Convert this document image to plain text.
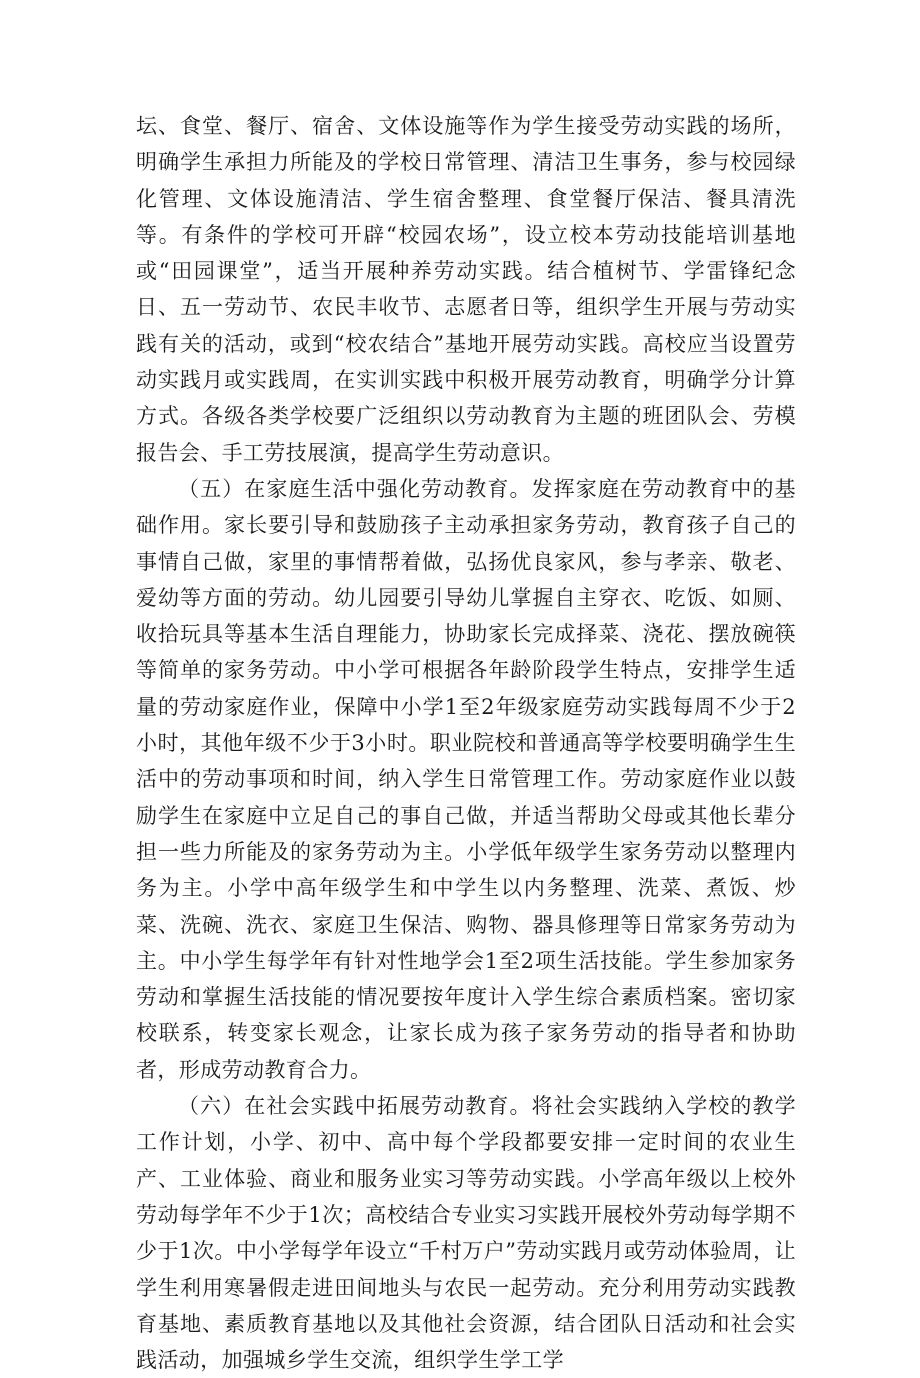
坛、食堂、餐厅、宿舍、文体设施等作为学生接受劳动实践的场所，明确学生承担力所能及的学校日常管理、清洁卫生事务，参与校园绿化管理、文体设施清洁、学生宿舍整理、食堂餐厅保洁、餐具清洗等。有条件的学校可开辟“校园农场”，设立校本劳动技能培训基地或“田园课堂”，适当开展种养劳动实践。结合植树节、学雷锋纪念日、五一劳动节、农民丰收节、志愿者日等，组织学生开展与劳动实践有关的活动，或到“校农结合”基地开展劳动实践。高校应当设置劳动实践月或实践周，在实训实践中积极开展劳动教育，明确学分计算方式。各级各类学校要广泛组织以劳动教育为主题的班团队会、劳模报告会、手工劳技展演，提高学生劳动意识。

（五）在家庭生活中强化劳动教育。发挥家庭在劳动教育中的基础作用。家长要引导和鼓励孩子主动承担家务劳动，教育孩子自己的事情自己做，家里的事情帮着做，弘扬优良家风，参与孝亲、敬老、爱幼等方面的劳动。幼儿园要引导幼儿掌握自主穿衣、吃饭、如厕、收拾玩具等基本生活自理能力，协助家长完成择菜、浇花、摆放碗筷等简单的家务劳动。中小学可根据各年龄阶段学生特点，安排学生适量的劳动家庭作业，保障中小学1至2年级家庭劳动实践每周不少于2小时，其他年级不少于3小时。职业院校和普通高等学校要明确学生生活中的劳动事项和时间，纳入学生日常管理工作。劳动家庭作业以鼓励学生在家庭中立足自己的事自己做，并适当帮助父母或其他长辈分担一些力所能及的家务劳动为主。小学低年级学生家务劳动以整理内务为主。小学中高年级学生和中学生以内务整理、洗菜、煮饭、炒菜、洗碗、洗衣、家庭卫生保洁、购物、器具修理等日常家务劳动为主。中小学生每学年有针对性地学会1至2项生活技能。学生参加家务劳动和掌握生活技能的情况要按年度计入学生综合素质档案。密切家校联系，转变家长观念，让家长成为孩子家务劳动的指导者和协助者，形成劳动教育合力。

（六）在社会实践中拓展劳动教育。将社会实践纳入学校的教学工作计划，小学、初中、高中每个学段都要安排一定时间的农业生产、工业体验、商业和服务业实习等劳动实践。小学高年级以上校外劳动每学年不少于1次；高校结合专业实习实践开展校外劳动每学期不少于1次。中小学每学年设立“千村万户”劳动实践月或劳动体验周，让学生利用寒暑假走进田间地头与农民一起劳动。充分利用劳动实践教育基地、素质教育基地以及其他社会资源，结合团队日活动和社会实践活动，加强城乡学生交流，组织学生学工学
